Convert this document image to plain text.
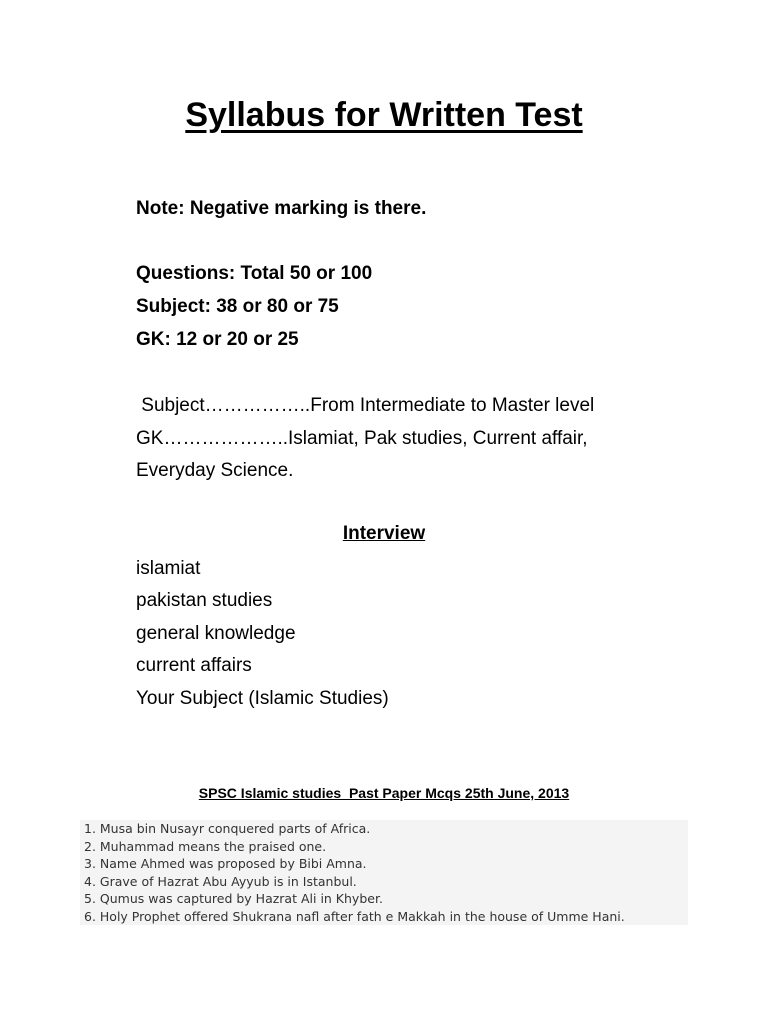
Syllabus for Written Test
Note: Negative marking is there.
Questions: Total 50 or 100
Subject: 38 or 80 or 75
GK: 12 or 20 or 25
Subject……………..From Intermediate to Master level
GK………………..Islamiat, Pak studies, Current affair,
Everyday Science.
Interview
islamiat
pakistan studies
general knowledge
current affairs
Your Subject (Islamic Studies)
SPSC Islamic studies  Past Paper Mcqs 25th June, 2013
1. Musa bin Nusayr conquered parts of Africa.
2. Muhammad means the praised one.
3. Name Ahmed was proposed by Bibi Amna.
4. Grave of Hazrat Abu Ayyub is in Istanbul.
5. Qumus was captured by Hazrat Ali in Khyber.
6. Holy Prophet offered Shukrana nafl after fath e Makkah in the house of Umme Hani.
